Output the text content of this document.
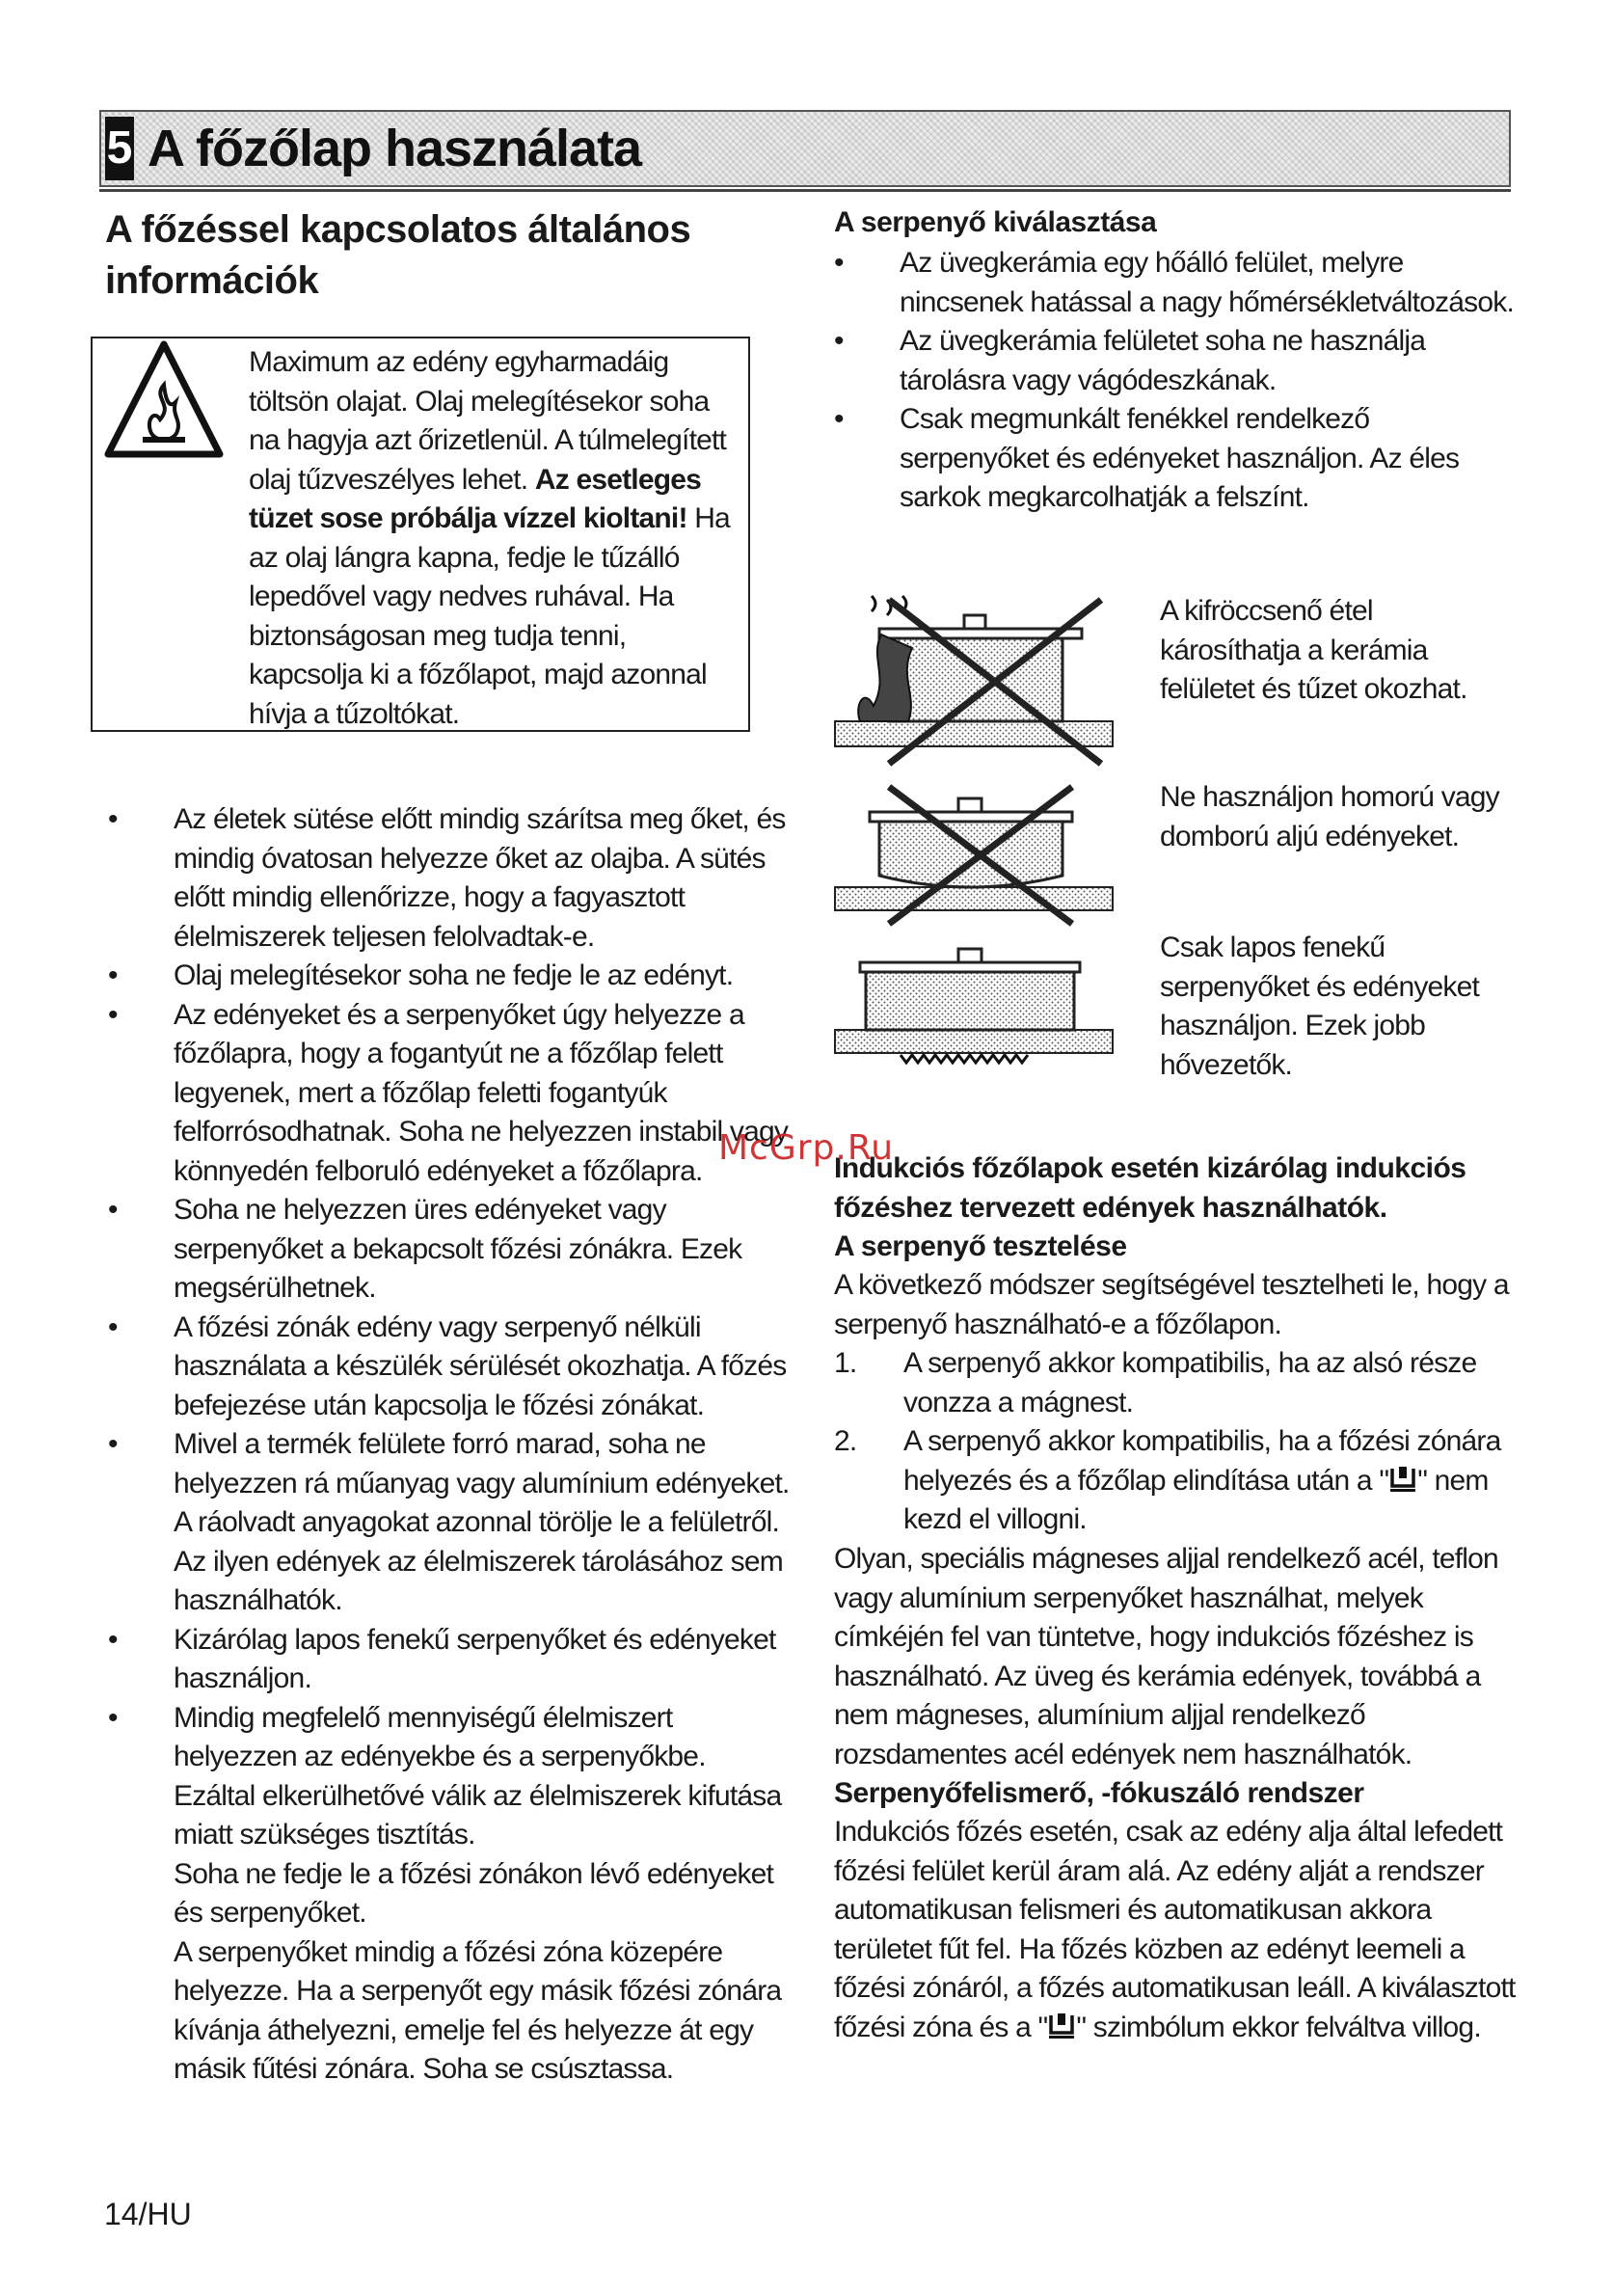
5 A főzőlap használata
A főzéssel kapcsolatos általános információk
Maximum az edény egyharmadáig töltsön olajat. Olaj melegítésekor soha na hagyja azt őrizetlenül. A túlmelegített olaj tűzveszélyes lehet. Az esetleges tüzet sose próbálja vízzel kioltani! Ha az olaj lángra kapna, fedje le tűzálló lepedővel vagy nedves ruhával. Ha biztonságosan meg tudja tenni, kapcsolja ki a főzőlapot, majd azonnal hívja a tűzoltókat.
• Az életek sütése előtt mindig szárítsa meg őket, és mindig óvatosan helyezze őket az olajba. A sütés előtt mindig ellenőrizze, hogy a fagyasztott élelmiszerek teljesen felolvadtak-e.
• Olaj melegítésekor soha ne fedje le az edényt.
• Az edényeket és a serpenyőket úgy helyezze a főzőlapra, hogy a fogantyút ne a főzőlap felett legyenek, mert a főzőlap feletti fogantyúk felforrósodhatnak. Soha ne helyezzen instabil vagy könnyedén felboruló edényeket a főzőlapra.
• Soha ne helyezzen üres edényeket vagy serpenyőket a bekapcsolt főzési zónákra. Ezek megsérülhetnek.
• A főzési zónák edény vagy serpenyő nélküli használata a készülék sérülését okozhatja. A főzés befejezése után kapcsolja le főzési zónákat.
• Mivel a termék felülete forró marad, soha ne helyezzen rá műanyag vagy alumínium edényeket.
A ráolvadt anyagokat azonnal törölje le a felületről.
Az ilyen edények az élelmiszerek tárolásához sem használhatók.
• Kizárólag lapos fenekű serpenyőket és edényeket használjon.
• Mindig megfelelő mennyiségű élelmiszert helyezzen az edényekbe és a serpenyőkbe. Ezáltal elkerülhetővé válik az élelmiszerek kifutása miatt szükséges tisztítás.
Soha ne fedje le a főzési zónákon lévő edényeket és serpenyőket.
A serpenyőket mindig a főzési zóna közepére helyezze. Ha a serpenyőt egy másik főzési zónára kívánja áthelyezni, emelje fel és helyezze át egy másik fűtési zónára. Soha se csúsztassa.
14/HU
A serpenyő kiválasztása
• Az üvegkerámia egy hőálló felület, melyre nincsenek hatással a nagy hőmérsékletváltozások.
• Az üvegkerámia felületet soha ne használja tárolásra vagy vágódeszkának.
• Csak megmunkált fenékkel rendelkező serpenyőket és edényeket használjon. Az éles sarkok megkarcolhatják a felszínt.
A kifröccsenő étel károsíthatja a kerámia felületet és tűzet okozhat.
Ne használjon homorú vagy domború aljú edényeket.
Csak lapos fenekű serpenyőket és edényeket használjon. Ezek jobb hővezetők.
Indukciós főzőlapok esetén kizárólag indukciós főzéshez tervezett edények használhatók.
A serpenyő tesztelése
A következő módszer segítségével tesztelheti le, hogy a serpenyő használható-e a főzőlapon.
1. A serpenyő akkor kompatibilis, ha az alsó része vonzza a mágnest.
2. A serpenyő akkor kompatibilis, ha a főzési zónára helyezés és a főzőlap elindítása után a " " nem kezd el villogni.
Olyan, speciális mágneses aljjal rendelkező acél, teflon vagy alumínium serpenyőket használhat, melyek címkéjén fel van tüntetve, hogy indukciós főzéshez is használható. Az üveg és kerámia edények, továbbá a nem mágneses, alumínium aljjal rendelkező rozsdamentes acél edények nem használhatók.
Serpenyőfelismerő, -fókuszáló rendszer
Indukciós főzés esetén, csak az edény alja által lefedett főzési felület kerül áram alá. Az edény alját a rendszer automatikusan felismeri és automatikusan akkora területet fűt fel. Ha főzés közben az edényt leemeli a főzési zónáról, a főzés automatikusan leáll. A kiválasztott főzési zóna és a " " szimbólum ekkor felváltva villog.
McGrp.Ru
